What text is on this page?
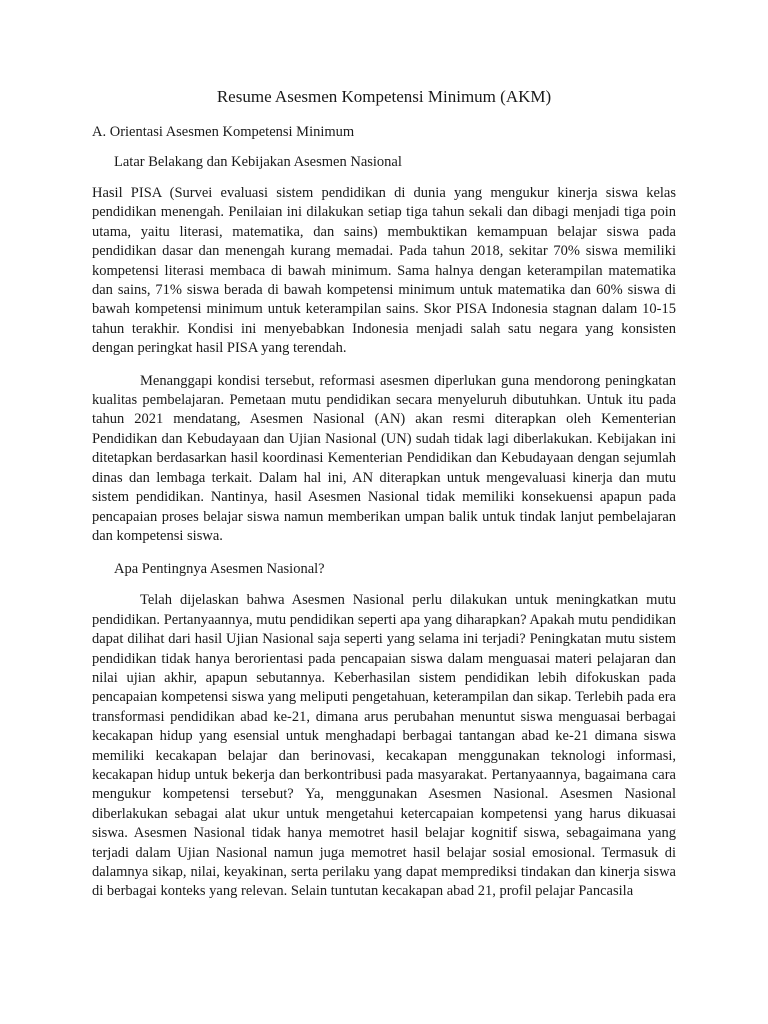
Resume Asesmen Kompetensi Minimum (AKM)

A. Orientasi Asesmen Kompetensi Minimum

Latar Belakang dan Kebijakan Asesmen Nasional

Hasil PISA (Survei evaluasi sistem pendidikan di dunia yang mengukur kinerja siswa kelas pendidikan menengah. Penilaian ini dilakukan setiap tiga tahun sekali dan dibagi menjadi tiga poin utama, yaitu literasi, matematika, dan sains) membuktikan kemampuan belajar siswa pada pendidikan dasar dan menengah kurang memadai. Pada tahun 2018, sekitar 70% siswa memiliki kompetensi literasi membaca di bawah minimum. Sama halnya dengan keterampilan matematika dan sains, 71% siswa berada di bawah kompetensi minimum untuk matematika dan 60% siswa di bawah kompetensi minimum untuk keterampilan sains. Skor PISA Indonesia stagnan dalam 10-15 tahun terakhir. Kondisi ini menyebabkan Indonesia menjadi salah satu negara yang konsisten dengan peringkat hasil PISA yang terendah.

Menanggapi kondisi tersebut, reformasi asesmen diperlukan guna mendorong peningkatan kualitas pembelajaran. Pemetaan mutu pendidikan secara menyeluruh dibutuhkan. Untuk itu pada tahun 2021 mendatang, Asesmen Nasional (AN) akan resmi diterapkan oleh Kementerian Pendidikan dan Kebudayaan dan Ujian Nasional (UN) sudah tidak lagi diberlakukan. Kebijakan ini ditetapkan berdasarkan hasil koordinasi Kementerian Pendidikan dan Kebudayaan dengan sejumlah dinas dan lembaga terkait. Dalam hal ini, AN diterapkan untuk mengevaluasi kinerja dan mutu sistem pendidikan. Nantinya, hasil Asesmen Nasional tidak memiliki konsekuensi apapun pada pencapaian proses belajar siswa namun memberikan umpan balik untuk tindak lanjut pembelajaran dan kompetensi siswa.

Apa Pentingnya Asesmen Nasional?

Telah dijelaskan bahwa Asesmen Nasional perlu dilakukan untuk meningkatkan mutu pendidikan. Pertanyaannya, mutu pendidikan seperti apa yang diharapkan? Apakah mutu pendidikan dapat dilihat dari hasil Ujian Nasional saja seperti yang selama ini terjadi? Peningkatan mutu sistem pendidikan tidak hanya berorientasi pada pencapaian siswa dalam menguasai materi pelajaran dan nilai ujian akhir, apapun sebutannya. Keberhasilan sistem pendidikan lebih difokuskan pada pencapaian kompetensi siswa yang meliputi pengetahuan, keterampilan dan sikap. Terlebih pada era transformasi pendidikan abad ke-21, dimana arus perubahan menuntut siswa menguasai berbagai kecakapan hidup yang esensial untuk menghadapi berbagai tantangan abad ke-21 dimana siswa memiliki kecakapan belajar dan berinovasi, kecakapan menggunakan teknologi informasi, kecakapan hidup untuk bekerja dan berkontribusi pada masyarakat. Pertanyaannya, bagaimana cara mengukur kompetensi tersebut? Ya, menggunakan Asesmen Nasional. Asesmen Nasional diberlakukan sebagai alat ukur untuk mengetahui ketercapaian kompetensi yang harus dikuasai siswa. Asesmen Nasional tidak hanya memotret hasil belajar kognitif siswa, sebagaimana yang terjadi dalam Ujian Nasional namun juga memotret hasil belajar sosial emosional. Termasuk di dalamnya sikap, nilai, keyakinan, serta perilaku yang dapat memprediksi tindakan dan kinerja siswa di berbagai konteks yang relevan. Selain tuntutan kecakapan abad 21, profil pelajar Pancasila
